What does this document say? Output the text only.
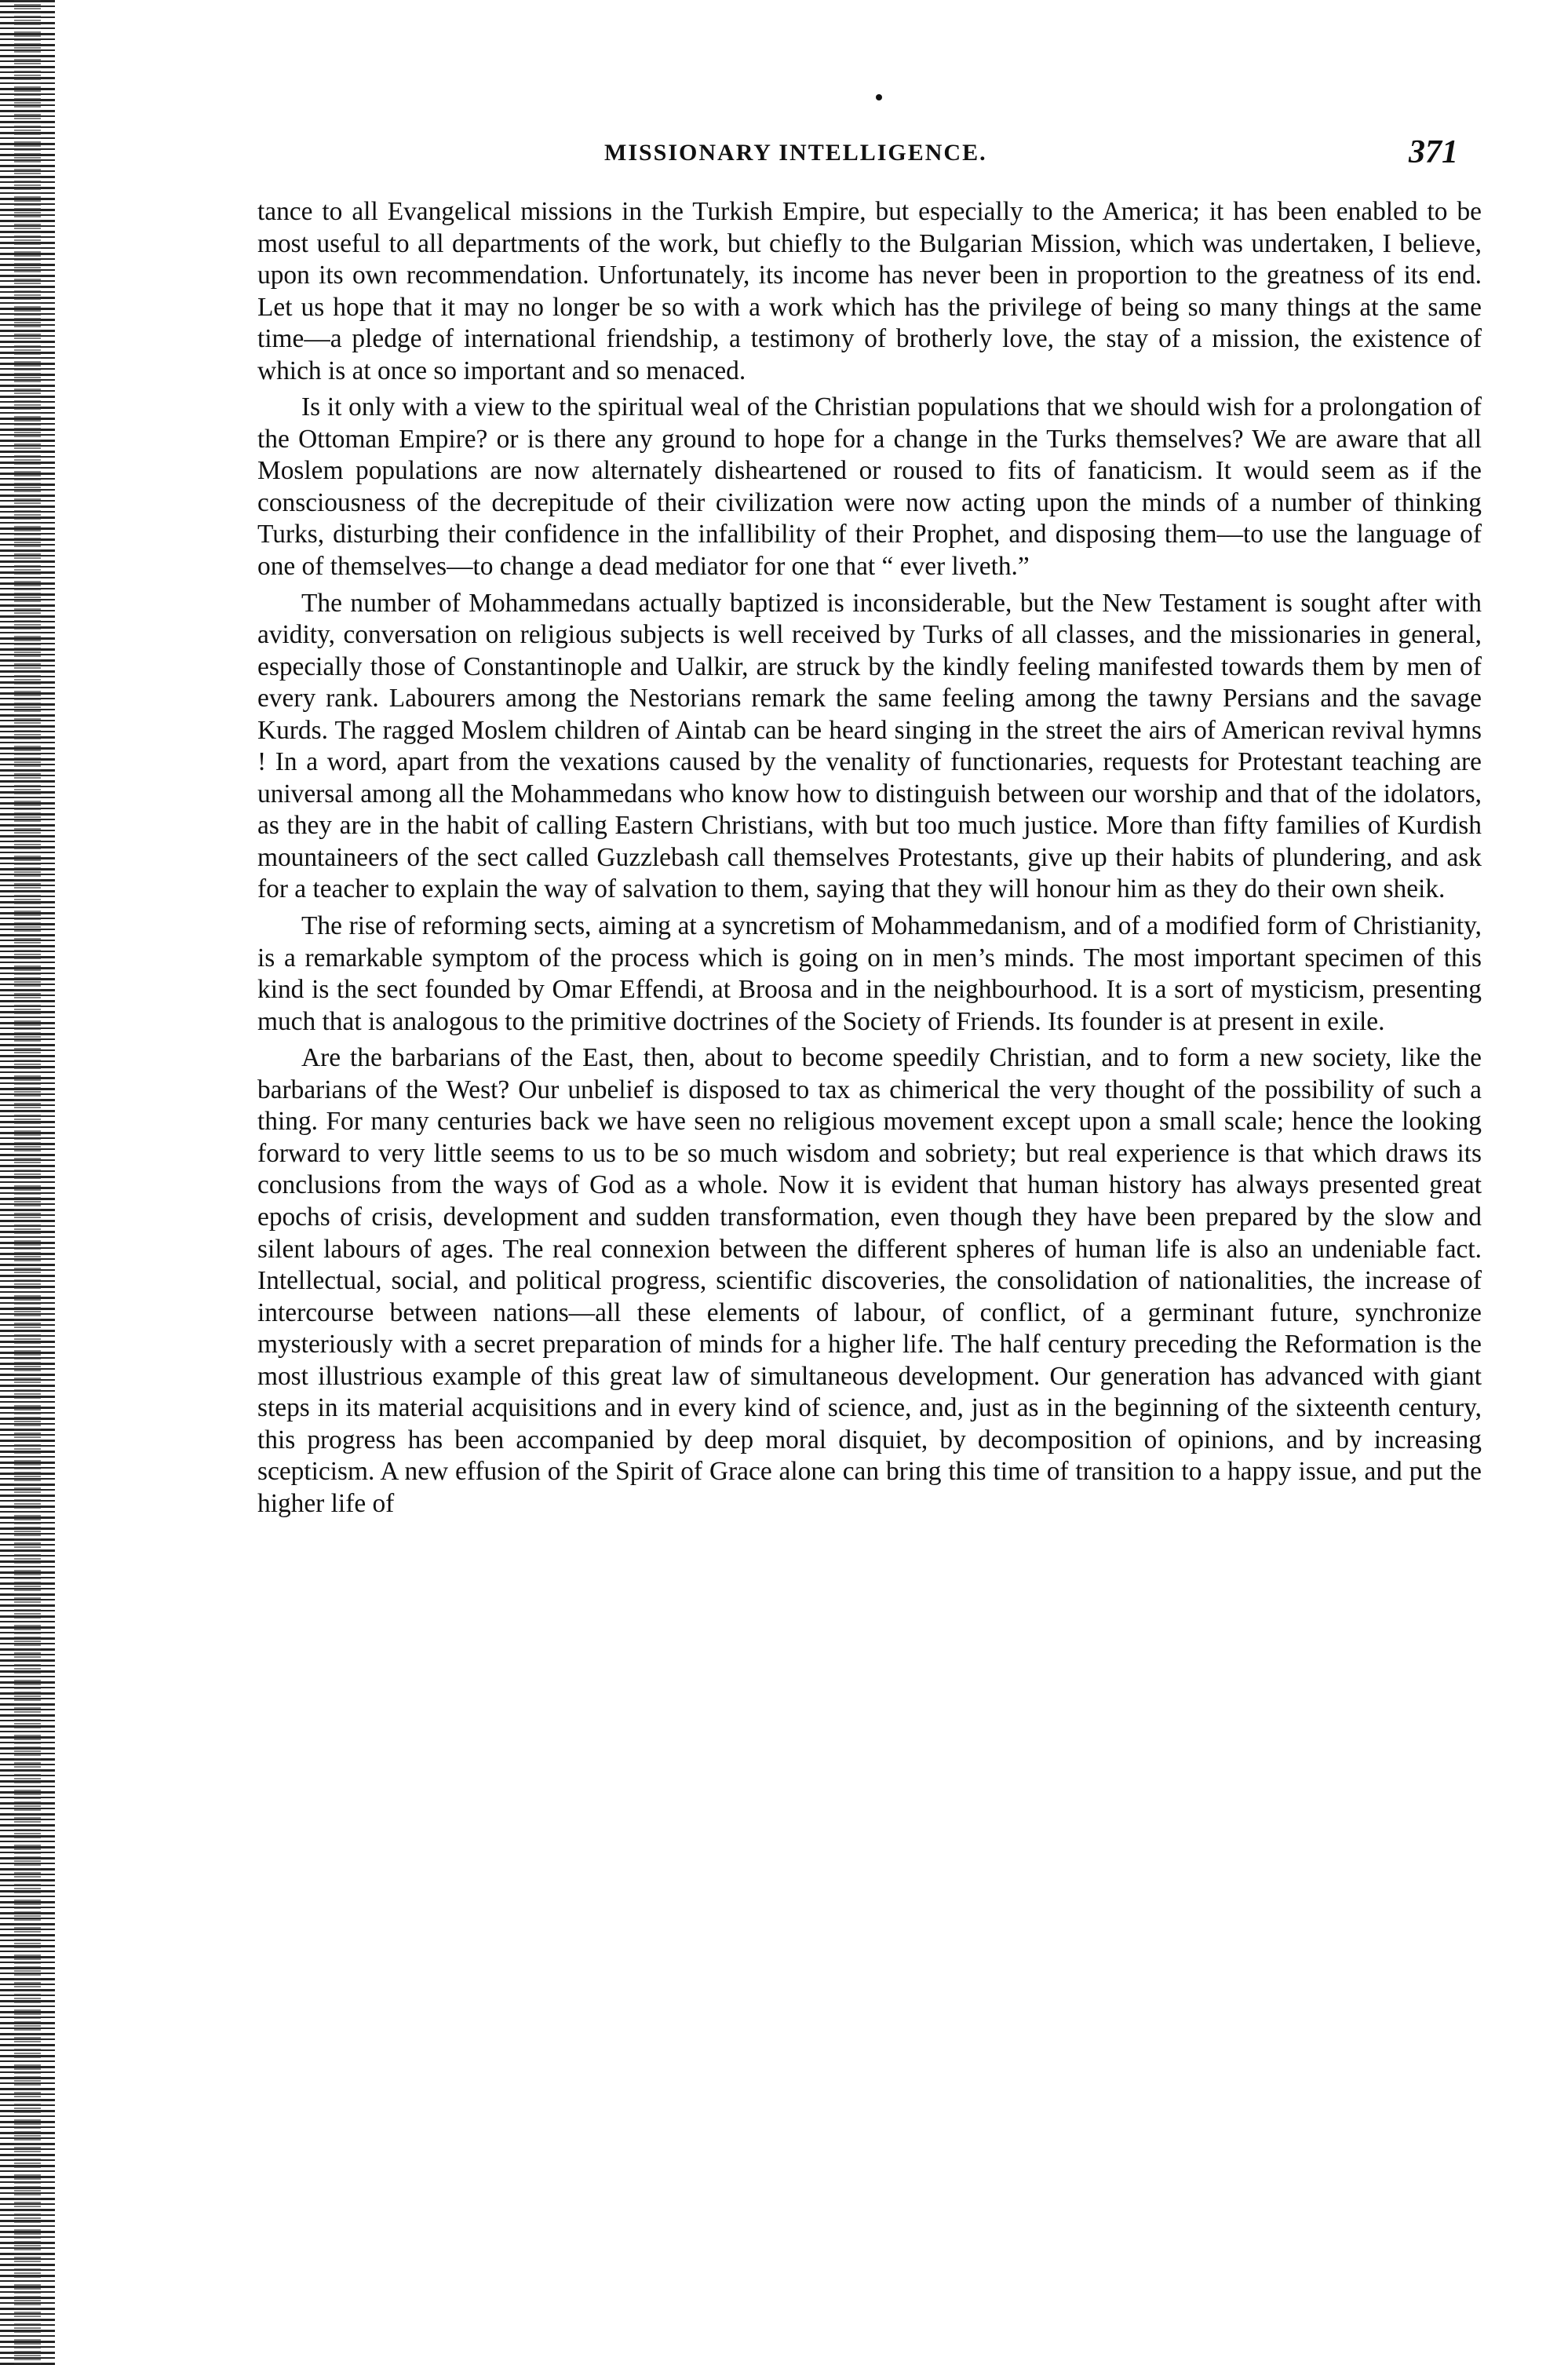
MISSIONARY INTELLIGENCE.	371

tance to all Evangelical missions in the Turkish Empire, but especially to the America; it has been enabled to be most useful to all departments of the work, but chiefly to the Bulgarian Mission, which was undertaken, I believe, upon its own recommendation. Unfortunately, its income has never been in proportion to the greatness of its end. Let us hope that it may no longer be so with a work which has the privilege of being so many things at the same time—a pledge of international friendship, a testimony of brotherly love, the stay of a mission, the existence of which is at once so important and so menaced.

Is it only with a view to the spiritual weal of the Christian populations that we should wish for a prolongation of the Ottoman Empire? or is there any ground to hope for a change in the Turks themselves? We are aware that all Moslem populations are now alternately disheartened or roused to fits of fanaticism. It would seem as if the consciousness of the decrepitude of their civilization were now acting upon the minds of a number of thinking Turks, disturbing their confidence in the infallibility of their Prophet, and disposing them—to use the language of one of themselves—to change a dead mediator for one that “ ever liveth.”

The number of Mohammedans actually baptized is inconsiderable, but the New Testament is sought after with avidity, conversation on religious subjects is well received by Turks of all classes, and the missionaries in general, especially those of Constantinople and Ualkir, are struck by the kindly feeling manifested towards them by men of every rank. Labourers among the Nestorians remark the same feeling among the tawny Persians and the savage Kurds. The ragged Moslem children of Aintab can be heard singing in the street the airs of American revival hymns ! In a word, apart from the vexations caused by the venality of functionaries, requests for Protestant teaching are universal among all the Mohammedans who know how to distinguish between our worship and that of the idolators, as they are in the habit of calling Eastern Christians, with but too much justice. More than fifty families of Kurdish mountaineers of the sect called Guzzlebash call themselves Protestants, give up their habits of plundering, and ask for a teacher to explain the way of salvation to them, saying that they will honour him as they do their own sheik.

The rise of reforming sects, aiming at a syncretism of Mohammedanism, and of a modified form of Christianity, is a remarkable symptom of the process which is going on in men’s minds. The most important specimen of this kind is the sect founded by Omar Effendi, at Broosa and in the neighbourhood. It is a sort of mysticism, presenting much that is analogous to the primitive doctrines of the Society of Friends. Its founder is at present in exile.

Are the barbarians of the East, then, about to become speedily Christian, and to form a new society, like the barbarians of the West? Our unbelief is disposed to tax as chimerical the very thought of the possibility of such a thing. For many centuries back we have seen no religious movement except upon a small scale; hence the looking forward to very little seems to us to be so much wisdom and sobriety; but real experience is that which draws its conclusions from the ways of God as a whole. Now it is evident that human history has always presented great epochs of crisis, development and sudden transformation, even though they have been prepared by the slow and silent labours of ages. The real connexion between the different spheres of human life is also an undeniable fact. Intellectual, social, and political progress, scientific discoveries, the consolidation of nationalities, the increase of intercourse between nations—all these elements of labour, of conflict, of a germinant future, synchronize mysteriously with a secret preparation of minds for a higher life. The half century preceding the Reformation is the most illustrious example of this great law of simultaneous development. Our generation has advanced with giant steps in its material acquisitions and in every kind of science, and, just as in the beginning of the sixteenth century, this progress has been accompanied by deep moral disquiet, by decomposition of opinions, and by increasing scepticism. A new effusion of the Spirit of Grace alone can bring this time of transition to a happy issue, and put the higher life of
